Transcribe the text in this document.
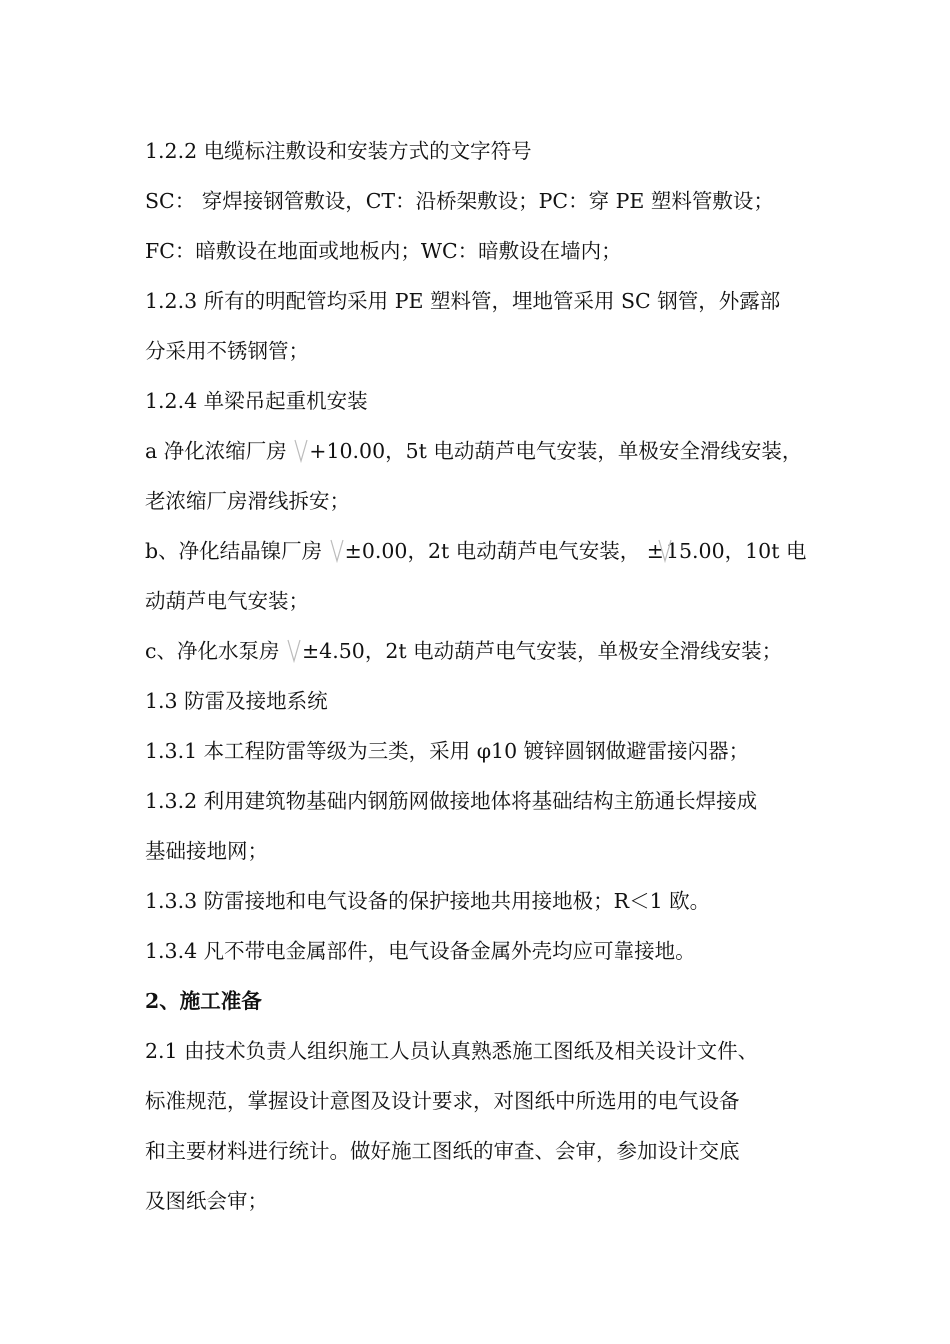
1.2.2 电缆标注敷设和安装方式的文字符号
SC： 穿焊接钢管敷设，CT：沿桥架敷设；PC：穿 PE 塑料管敷设；
FC：暗敷设在地面或地板内；WC：暗敷设在墙内；
1.2.3 所有的明配管均采用 PE 塑料管，埋地管采用 SC 钢管，外露部
分采用不锈钢管；
1.2.4 单梁吊起重机安装
a 净化浓缩厂房
+10.00，5t 电动葫芦电气安装，单极安全滑线安装，
老浓缩厂房滑线拆安；
b、净化结晶镍厂房
±0.00，2t 电动葫芦电气安装， ±
15.00，10t 电
动葫芦电气安装；
c、净化水泵房
±4.50，2t 电动葫芦电气安装，单极安全滑线安装；
1.3 防雷及接地系统
1.3.1 本工程防雷等级为三类，采用 φ10 镀锌圆钢做避雷接闪器；
1.3.2 利用建筑物基础内钢筋网做接地体将基础结构主筋通长焊接成
基础接地网；
1.3.3 防雷接地和电气设备的保护接地共用接地极；R＜1 欧。
1.3.4 凡不带电金属部件，电气设备金属外壳均应可靠接地。
2、施工准备
2.1 由技术负责人组织施工人员认真熟悉施工图纸及相关设计文件、
标准规范，掌握设计意图及设计要求，对图纸中所选用的电气设备
和主要材料进行统计。做好施工图纸的审查、会审，参加设计交底
及图纸会审；
